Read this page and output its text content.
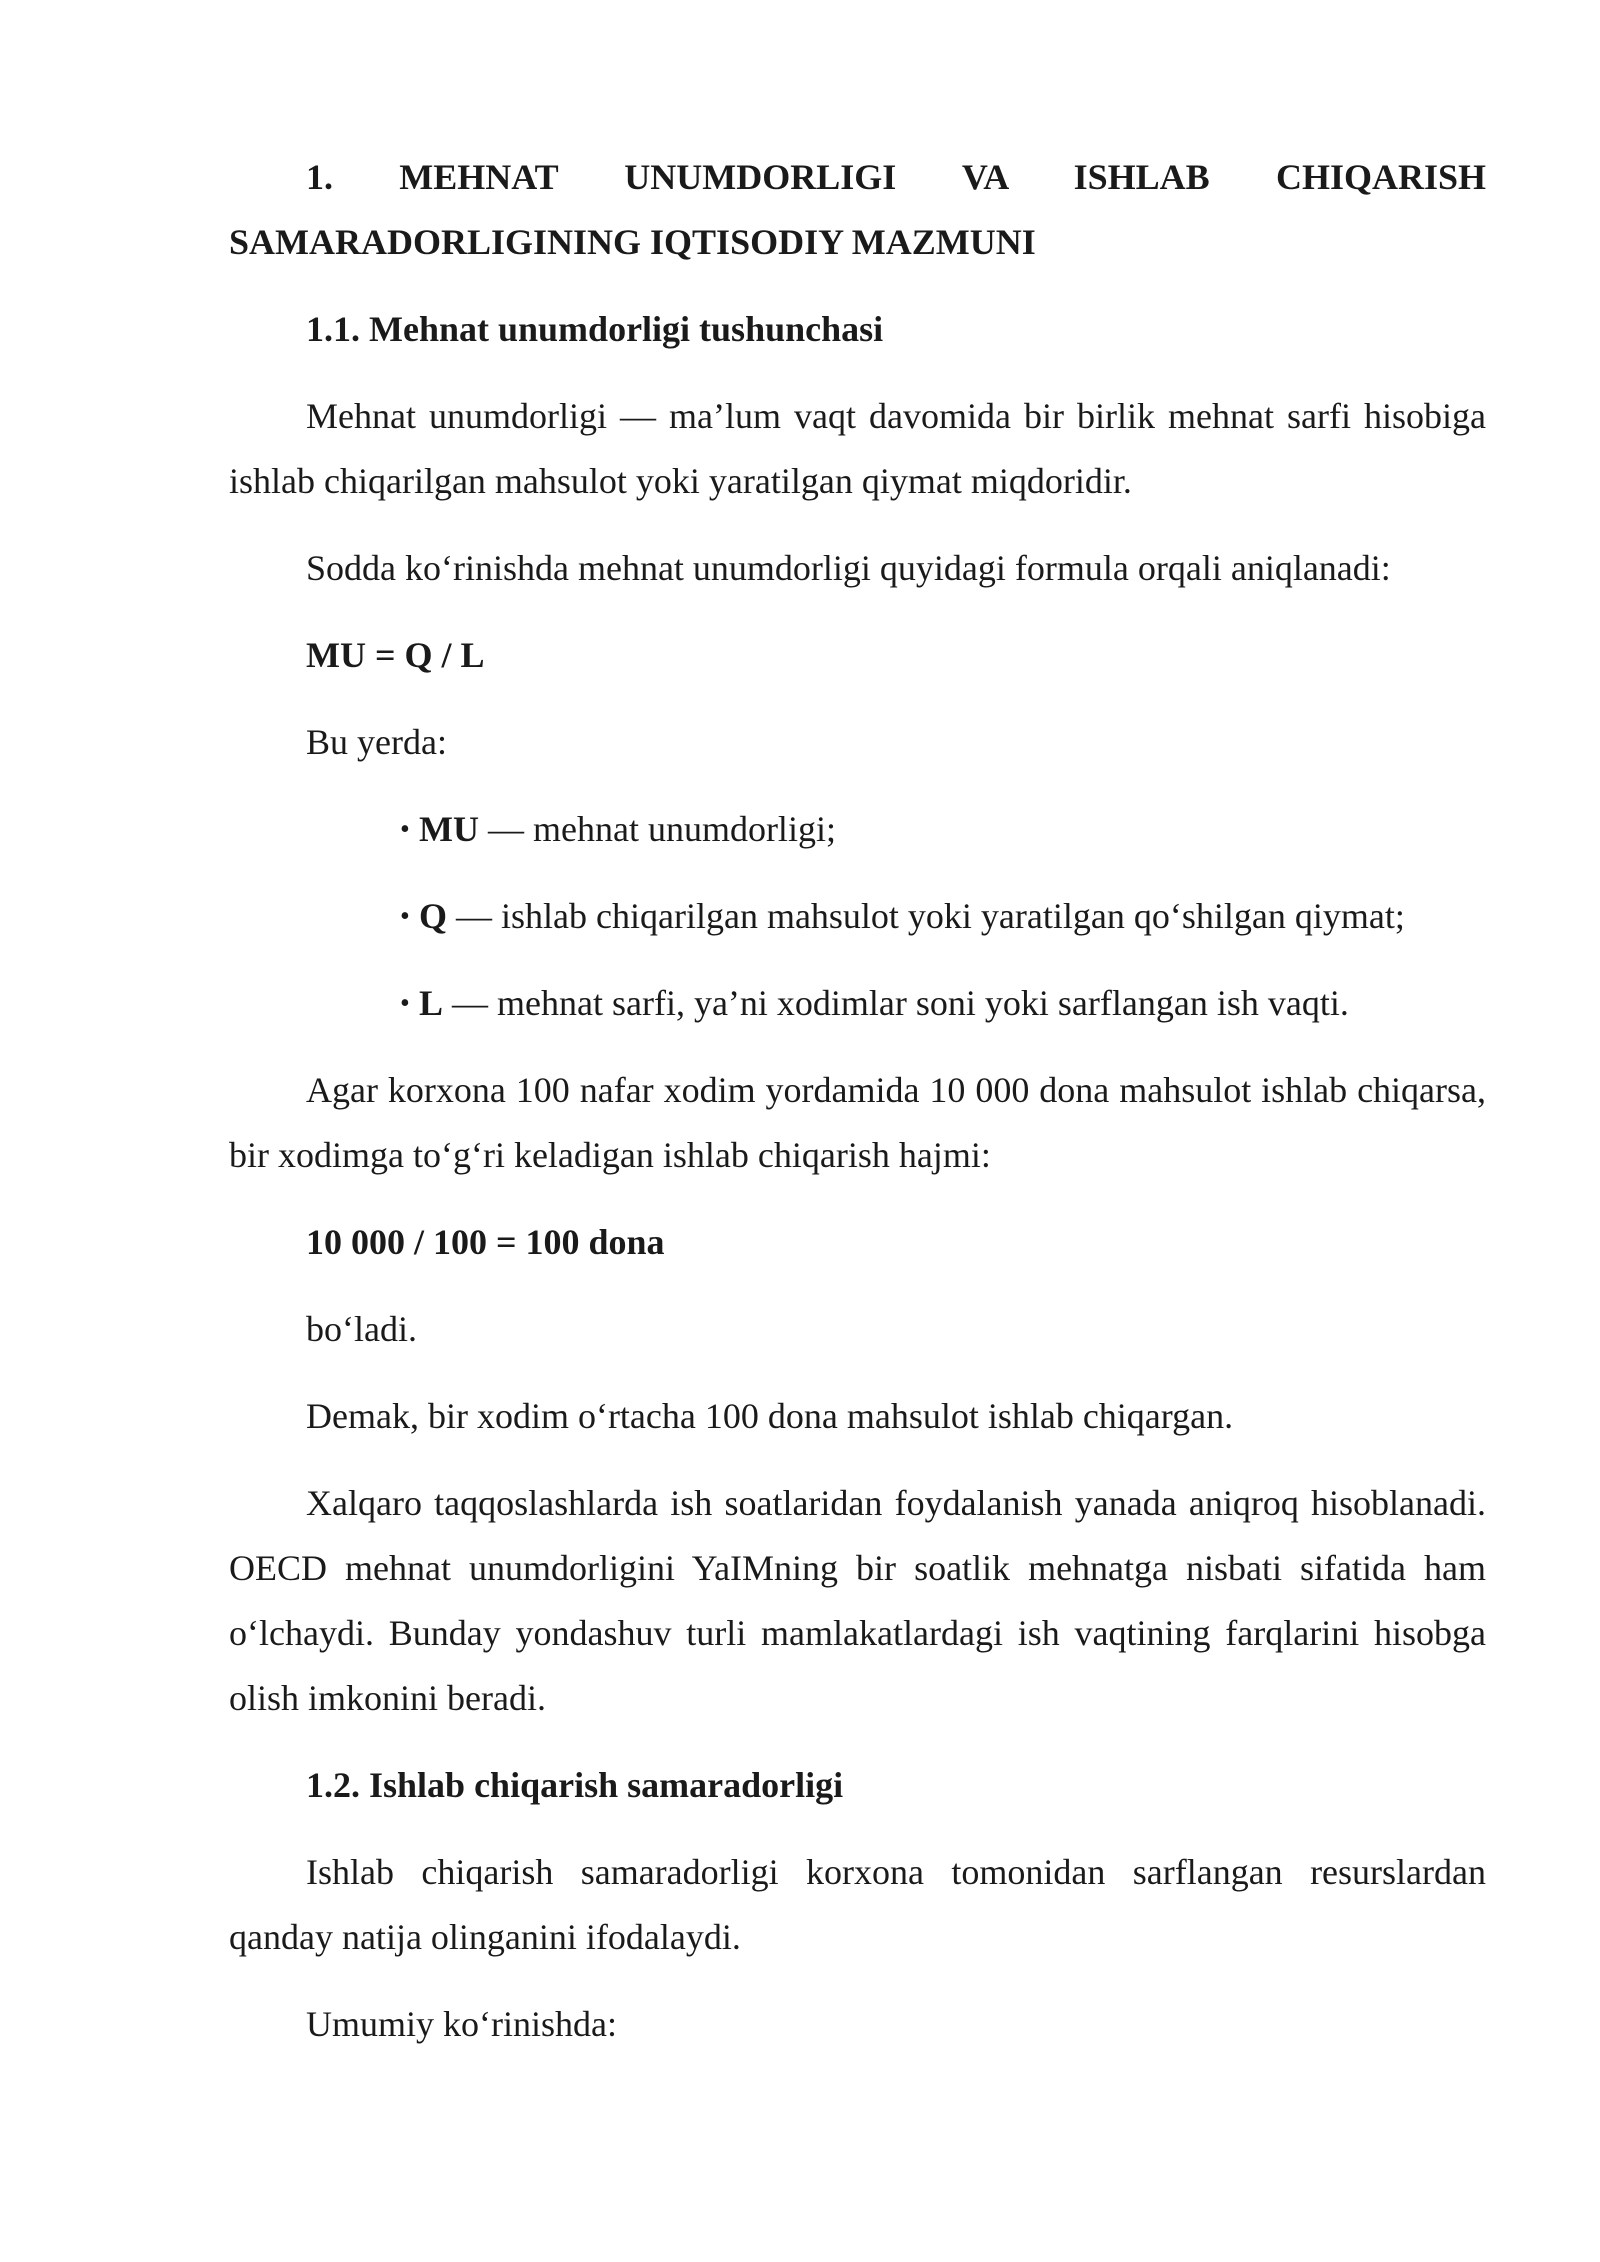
1. MEHNAT UNUMDORLIGI VA ISHLAB CHIQARISH SAMARADORLIGINING IQTISODIY MAZMUNI

1.1. Mehnat unumdorligi tushunchasi

Mehnat unumdorligi — ma’lum vaqt davomida bir birlik mehnat sarfi hisobiga ishlab chiqarilgan mahsulot yoki yaratilgan qiymat miqdoridir.

Sodda ko‘rinishda mehnat unumdorligi quyidagi formula orqali aniqlanadi:

MU = Q / L

Bu yerda:

• MU — mehnat unumdorligi;
• Q — ishlab chiqarilgan mahsulot yoki yaratilgan qo‘shilgan qiymat;
• L — mehnat sarfi, ya’ni xodimlar soni yoki sarflangan ish vaqti.

Agar korxona 100 nafar xodim yordamida 10 000 dona mahsulot ishlab chiqarsa, bir xodimga to‘g‘ri keladigan ishlab chiqarish hajmi:

10 000 / 100 = 100 dona

bo‘ladi.

Demak, bir xodim o‘rtacha 100 dona mahsulot ishlab chiqargan.

Xalqaro taqqoslashlarda ish soatlaridan foydalanish yanada aniqroq hisoblanadi. OECD mehnat unumdorligini YaIMning bir soatlik mehnatga nisbati sifatida ham o‘lchaydi. Bunday yondashuv turli mamlakatlardagi ish vaqtining farqlarini hisobga olish imkonini beradi.

1.2. Ishlab chiqarish samaradorligi

Ishlab chiqarish samaradorligi korxona tomonidan sarflangan resurslardan qanday natija olinganini ifodalaydi.

Umumiy ko‘rinishda:
